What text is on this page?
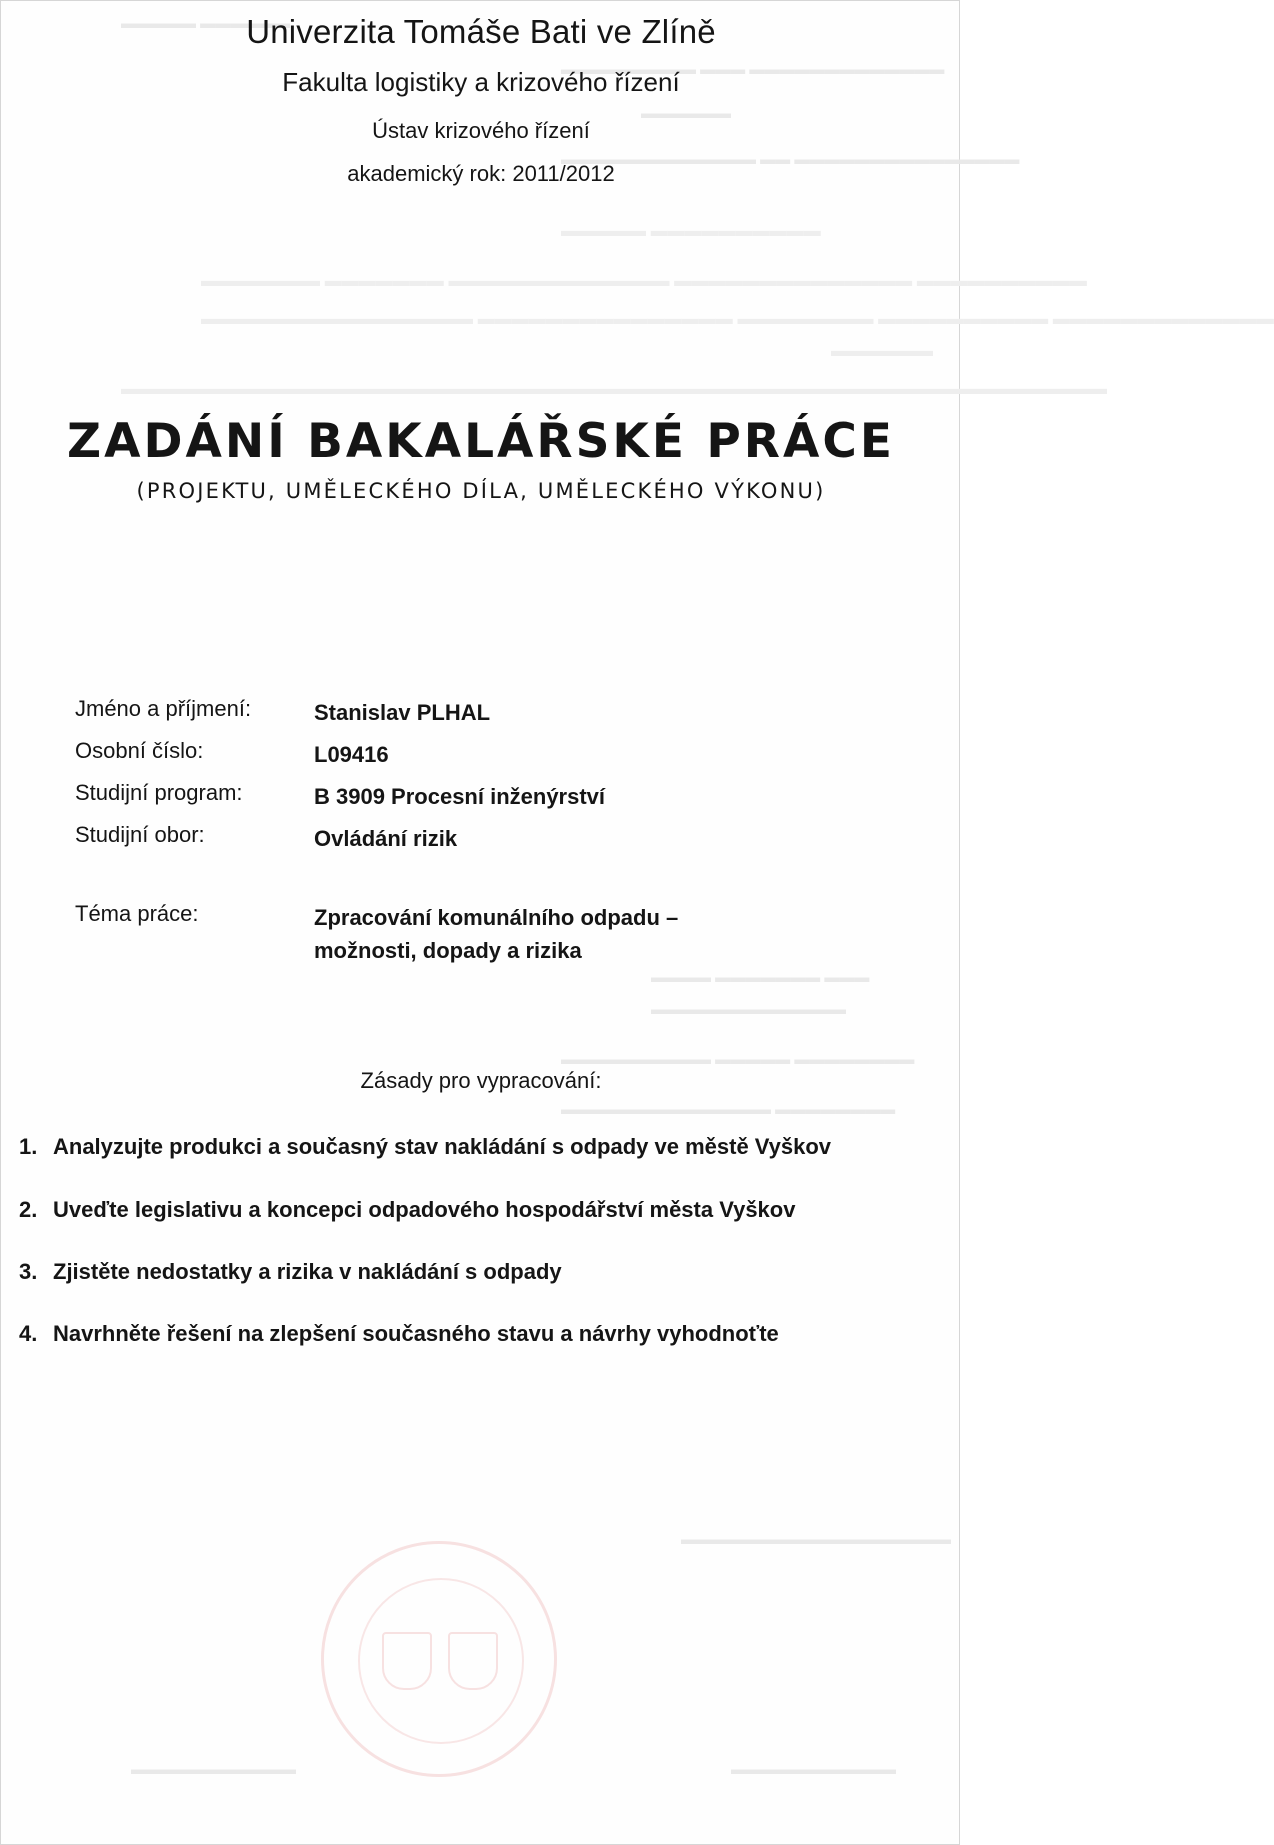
▬▬▬▬▬ ▬▬▬▬▬▬
▬▬▬▬▬▬▬▬▬ ▬▬▬ ▬▬▬▬▬▬▬▬▬▬▬▬▬
▬▬▬▬▬▬
▬▬▬▬▬▬▬▬▬▬▬▬▬ ▬▬ ▬▬▬▬▬▬▬▬▬▬▬▬▬▬▬
▬▬▬▬▬ ▬▬▬▬▬▬▬▬▬▬
▬▬▬▬▬▬▬ ▬▬▬▬▬▬▬ ▬▬▬▬▬▬▬▬▬▬▬▬▬ ▬▬▬▬▬▬▬▬▬▬▬▬▬▬ ▬▬▬▬▬▬▬▬▬▬
▬▬▬▬▬▬▬▬▬▬▬▬▬▬▬▬ ▬▬▬▬▬▬▬▬▬▬▬▬▬▬▬ ▬▬▬▬▬▬▬▬ ▬▬▬▬▬▬▬▬▬▬ ▬▬▬▬▬▬▬▬▬▬▬▬▬
▬▬▬▬▬▬
▬▬▬▬▬▬▬▬▬▬▬▬▬▬▬▬▬▬▬▬▬▬▬▬▬▬▬▬▬▬▬▬▬▬▬▬▬▬▬▬▬▬▬▬▬▬▬▬▬▬▬▬▬▬▬▬▬▬
▬▬▬▬ ▬▬▬▬▬▬▬ ▬▬▬
▬▬▬▬▬▬▬▬▬▬▬▬▬
▬▬▬▬▬▬▬▬▬▬ ▬▬▬▬▬ ▬▬▬▬▬▬▬▬
▬▬▬▬▬▬▬▬▬▬▬▬▬▬ ▬▬▬▬▬▬▬▬
▬▬▬▬▬▬▬▬▬▬▬▬▬▬▬▬▬▬
▬▬▬▬▬▬▬▬▬▬▬	▬▬▬▬▬▬▬▬▬▬▬
Univerzita Tomáše Bati ve Zlíně
Fakulta logistiky a krizového řízení
Ústav krizového řízení
akademický rok: 2011/2012
ZADÁNÍ BAKALÁŘSKÉ PRÁCE
(PROJEKTU, UMĚLECKÉHO DÍLA, UMĚLECKÉHO VÝKONU)
Jméno a příjmení:	Stanislav PLHAL
Osobní číslo:	L09416
Studijní program:	B 3909 Procesní inženýrství
Studijní obor:	Ovládání rizik
Téma práce:	Zpracování komunálního odpadu – možnosti, dopady a rizika
Zásady pro vypracování:
1. Analyzujte produkci a současný stav nakládání s odpady ve městě Vyškov
2. Uveďte legislativu a koncepci odpadového hospodářství města Vyškov
3. Zjistěte nedostatky a rizika v nakládání s odpady
4. Navrhněte řešení na zlepšení současného stavu a návrhy vyhodnoťte
